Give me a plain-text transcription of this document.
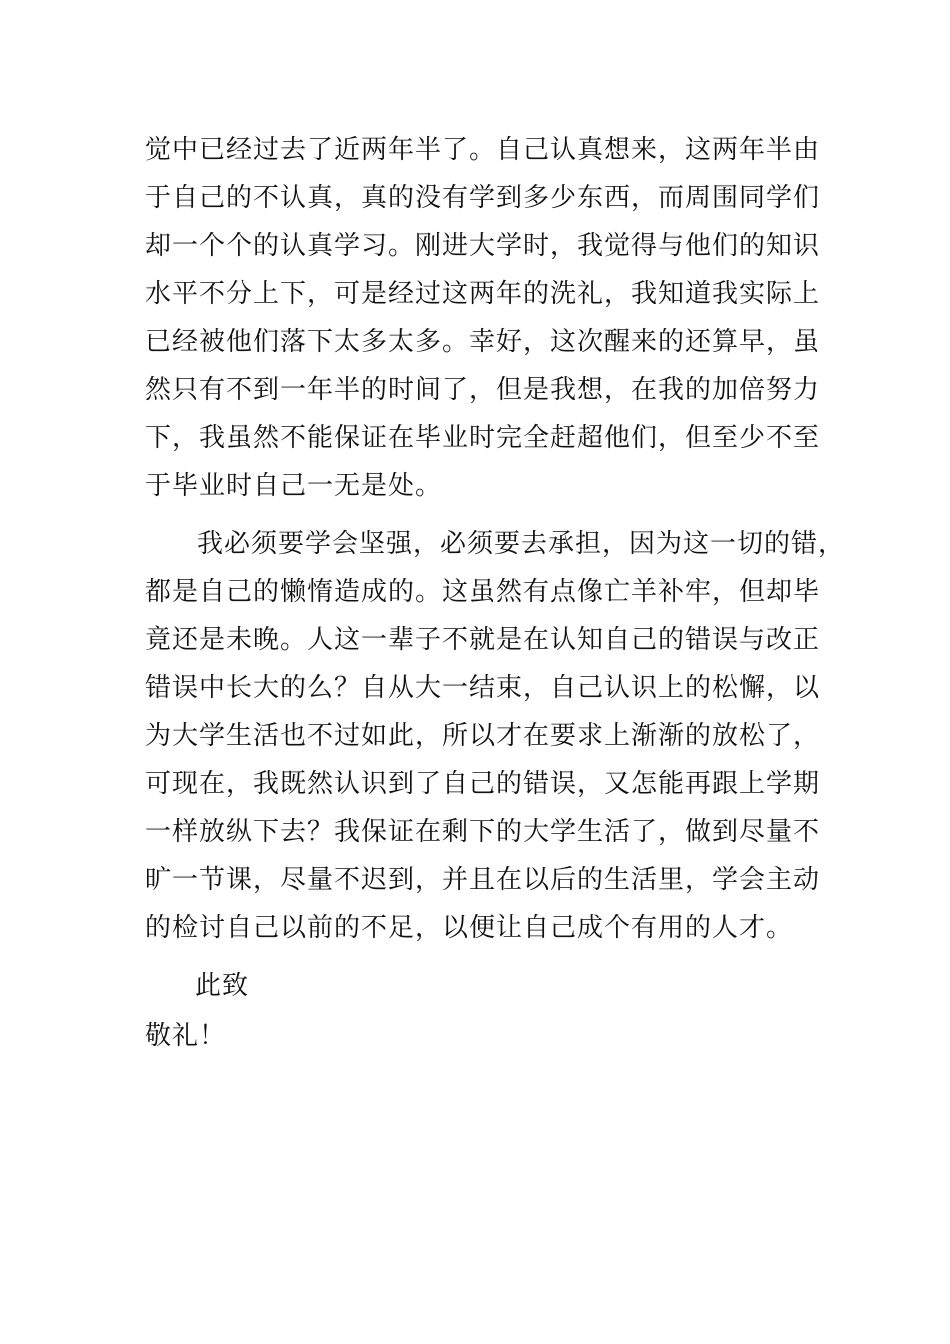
觉中已经过去了近两年半了。自己认真想来，这两年半由
于自己的不认真，真的没有学到多少东西，而周围同学们
却一个个的认真学习。刚进大学时，我觉得与他们的知识
水平不分上下，可是经过这两年的洗礼，我知道我实际上
已经被他们落下太多太多。幸好，这次醒来的还算早，虽
然只有不到一年半的时间了，但是我想，在我的加倍努力
下，我虽然不能保证在毕业时完全赶超他们，但至少不至
于毕业时自己一无是处。
我必须要学会坚强，必须要去承担，因为这一切的错，
都是自己的懒惰造成的。这虽然有点像亡羊补牢，但却毕
竟还是未晚。人这一辈子不就是在认知自己的错误与改正
错误中长大的么？自从大一结束，自己认识上的松懈，以
为大学生活也不过如此，所以才在要求上渐渐的放松了，
可现在，我既然认识到了自己的错误，又怎能再跟上学期
一样放纵下去？我保证在剩下的大学生活了，做到尽量不
旷一节课，尽量不迟到，并且在以后的生活里，学会主动
的检讨自己以前的不足，以便让自己成个有用的人才。
此致
敬礼！
